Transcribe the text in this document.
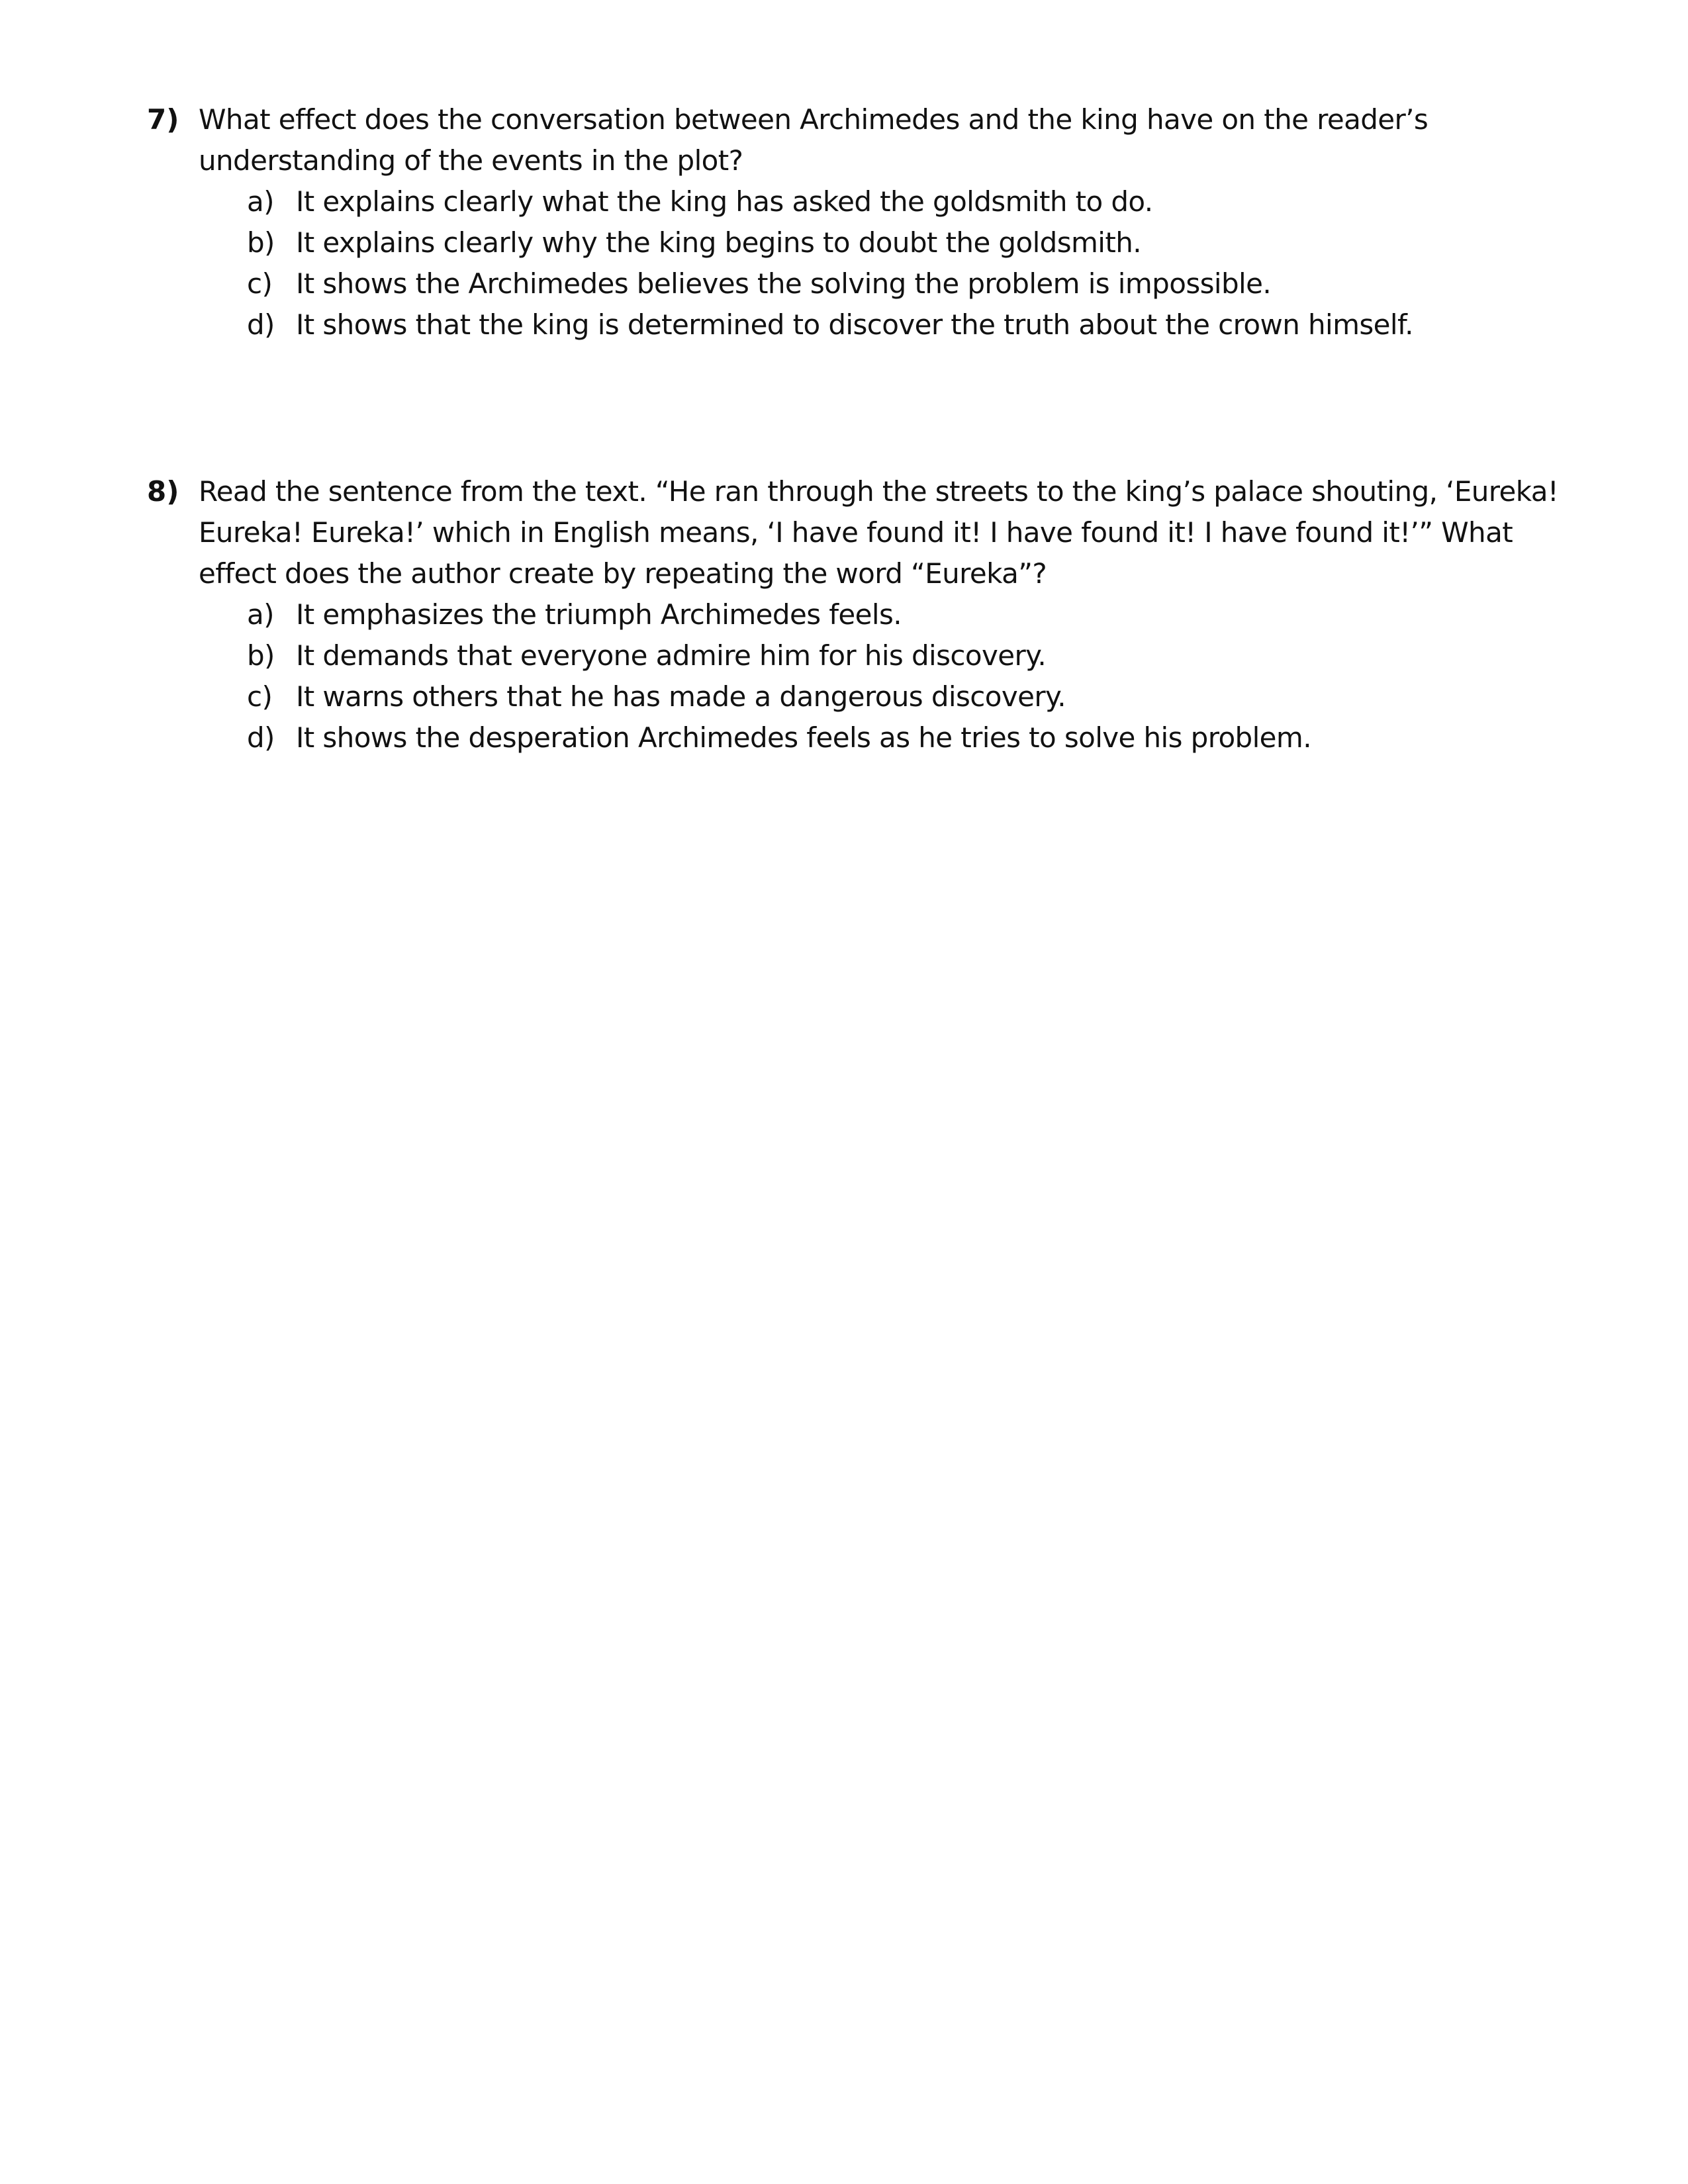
7) What effect does the conversation between Archimedes and the king have on the reader’s understanding of the events in the plot?
a) It explains clearly what the king has asked the goldsmith to do.
b) It explains clearly why the king begins to doubt the goldsmith.
c) It shows the Archimedes believes the solving the problem is impossible.
d) It shows that the king is determined to discover the truth about the crown himself.
8) Read the sentence from the text. “He ran through the streets to the king’s palace shouting, ‘Eureka! Eureka! Eureka!’ which in English means, ‘I have found it! I have found it! I have found it!’” What effect does the author create by repeating the word “Eureka”?
a) It emphasizes the triumph Archimedes feels.
b) It demands that everyone admire him for his discovery.
c) It warns others that he has made a dangerous discovery.
d) It shows the desperation Archimedes feels as he tries to solve his problem.
